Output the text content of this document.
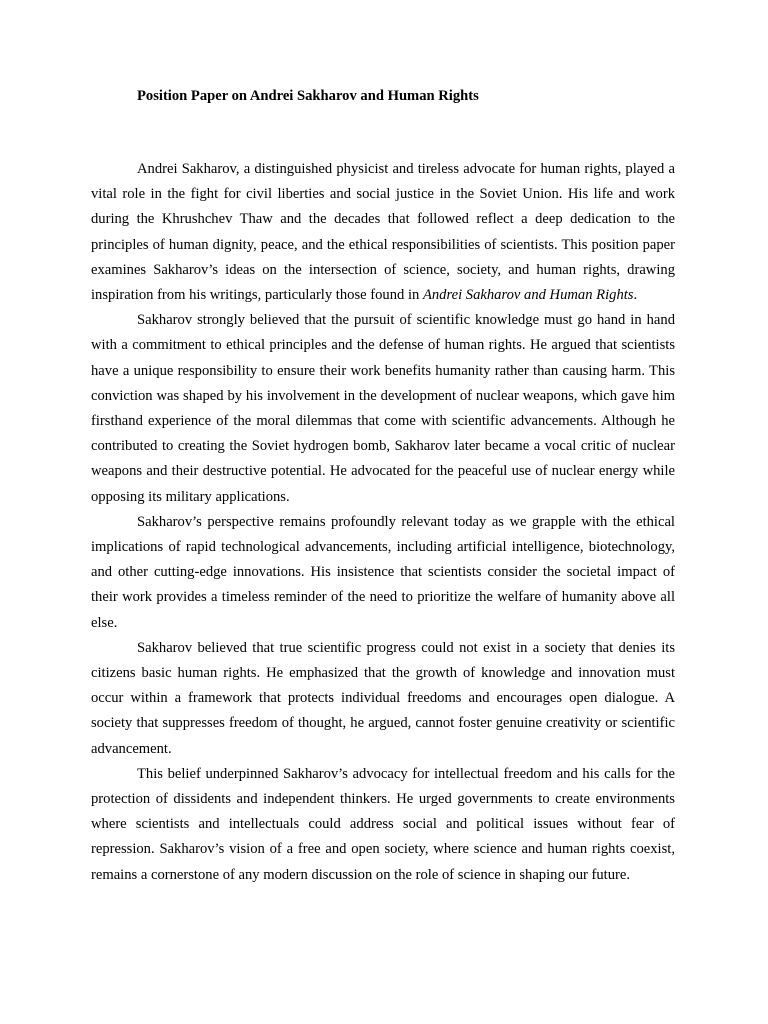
Position Paper on Andrei Sakharov and Human Rights

Andrei Sakharov, a distinguished physicist and tireless advocate for human rights, played a vital role in the fight for civil liberties and social justice in the Soviet Union. His life and work during the Khrushchev Thaw and the decades that followed reflect a deep dedication to the principles of human dignity, peace, and the ethical responsibilities of scientists. This position paper examines Sakharov’s ideas on the intersection of science, society, and human rights, drawing inspiration from his writings, particularly those found in Andrei Sakharov and Human Rights.

Sakharov strongly believed that the pursuit of scientific knowledge must go hand in hand with a commitment to ethical principles and the defense of human rights. He argued that scientists have a unique responsibility to ensure their work benefits humanity rather than causing harm. This conviction was shaped by his involvement in the development of nuclear weapons, which gave him firsthand experience of the moral dilemmas that come with scientific advancements. Although he contributed to creating the Soviet hydrogen bomb, Sakharov later became a vocal critic of nuclear weapons and their destructive potential. He advocated for the peaceful use of nuclear energy while opposing its military applications.

Sakharov’s perspective remains profoundly relevant today as we grapple with the ethical implications of rapid technological advancements, including artificial intelligence, biotechnology, and other cutting-edge innovations. His insistence that scientists consider the societal impact of their work provides a timeless reminder of the need to prioritize the welfare of humanity above all else.

Sakharov believed that true scientific progress could not exist in a society that denies its citizens basic human rights. He emphasized that the growth of knowledge and innovation must occur within a framework that protects individual freedoms and encourages open dialogue. A society that suppresses freedom of thought, he argued, cannot foster genuine creativity or scientific advancement.

This belief underpinned Sakharov’s advocacy for intellectual freedom and his calls for the protection of dissidents and independent thinkers. He urged governments to create environments where scientists and intellectuals could address social and political issues without fear of repression. Sakharov’s vision of a free and open society, where science and human rights coexist, remains a cornerstone of any modern discussion on the role of science in shaping our future.
